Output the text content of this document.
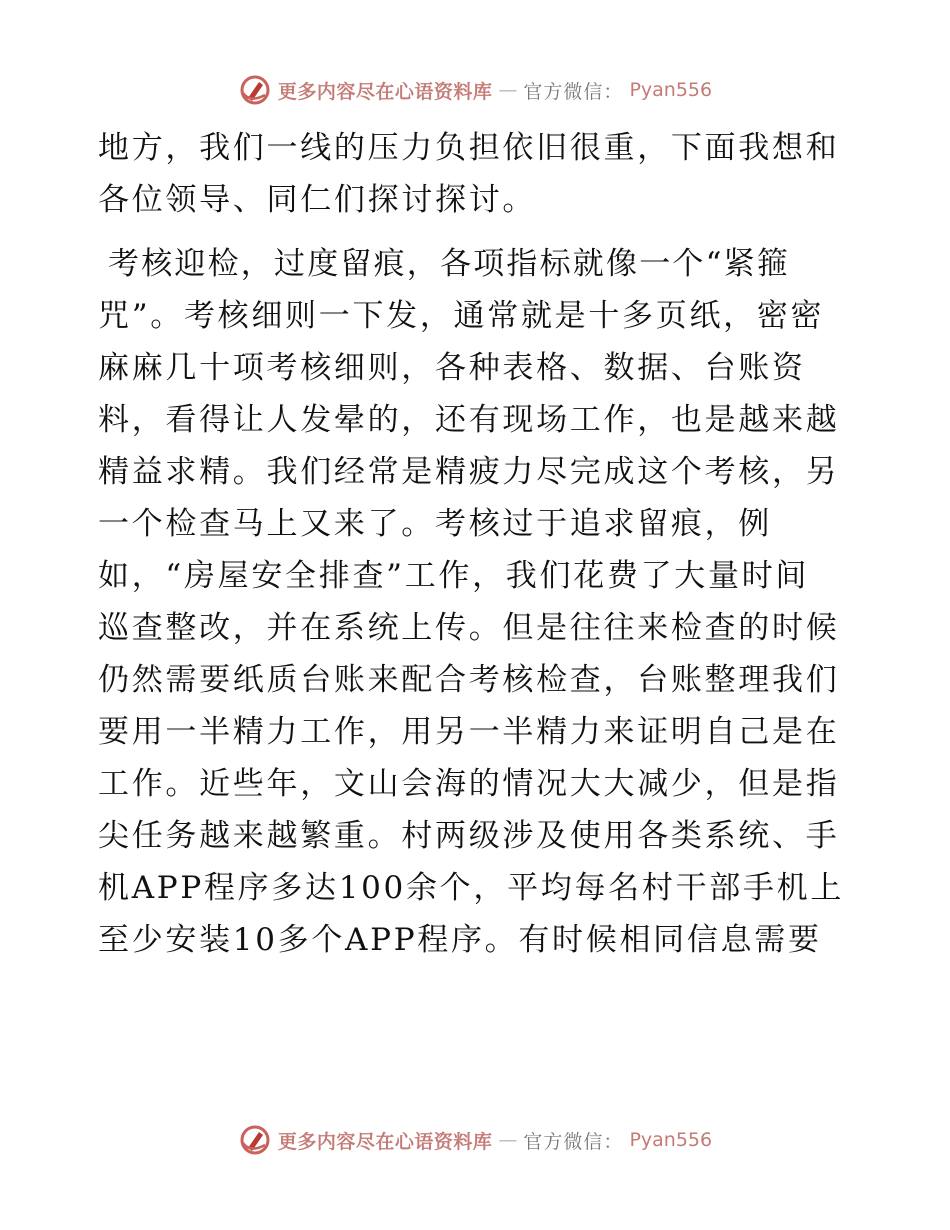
更多内容尽在心语资料库 — 官方微信： Pyan556
地方，我们一线的压力负担依旧很重，下面我想和
各位领导、同仁们探讨探讨。
考核迎检，过度留痕，各项指标就像一个“紧箍
咒”。考核细则一下发，通常就是十多页纸，密密
麻麻几十项考核细则，各种表格、数据、台账资
料，看得让人发晕的，还有现场工作，也是越来越
精益求精。我们经常是精疲力尽完成这个考核，另
一个检查马上又来了。考核过于追求留痕，例
如，“房屋安全排查”工作，我们花费了大量时间
巡查整改，并在系统上传。但是往往来检查的时候
仍然需要纸质台账来配合考核检查，台账整理我们
要用一半精力工作，用另一半精力来证明自己是在
工作。近些年，文山会海的情况大大减少，但是指
尖任务越来越繁重。村两级涉及使用各类系统、手
机APP程序多达100余个，平均每名村干部手机上
至少安装10多个APP程序。有时候相同信息需要
更多内容尽在心语资料库 — 官方微信： Pyan556
